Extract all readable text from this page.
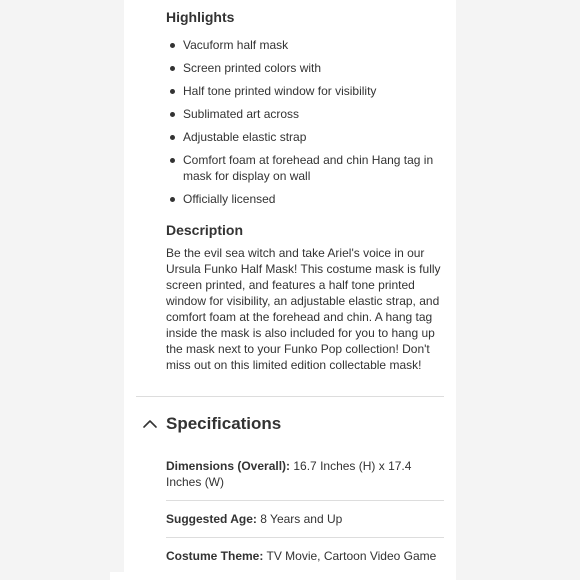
Highlights
Vacuform half mask
Screen printed colors with
Half tone printed window for visibility
Sublimated art across
Adjustable elastic strap
Comfort foam at forehead and chin Hang tag in mask for display on wall
Officially licensed
Description

Be the evil sea witch and take Ariel's voice in our Ursula Funko Half Mask! This costume mask is fully screen printed, and features a half tone printed window for visibility, an adjustable elastic strap, and comfort foam at the forehead and chin. A hang tag inside the mask is also included for you to hang up the mask next to your Funko Pop collection! Don't miss out on this limited edition collectable mask!

Specifications
Dimensions (Overall): 16.7 Inches (H) x 17.4 Inches (W)
Suggested Age: 8 Years and Up
Costume Theme: TV Movie, Cartoon Video Game
